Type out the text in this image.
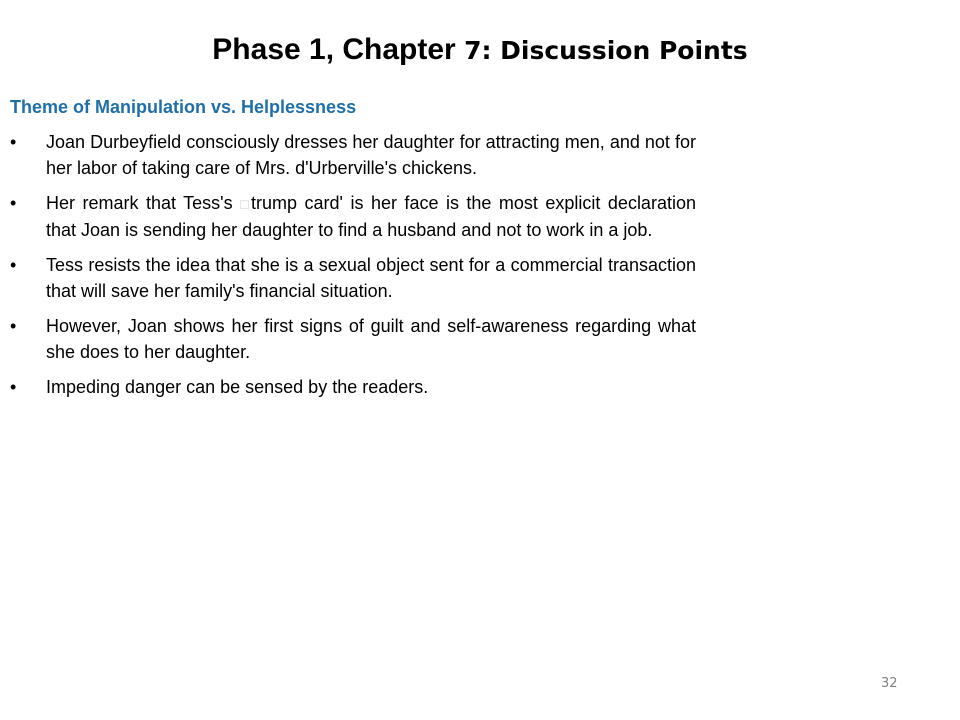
Phase 1, Chapter 7: Discussion Points
Theme of Manipulation vs. Helplessness
• Joan Durbeyfield consciously dresses her daughter for attracting men, and not for her labor of taking care of Mrs. d'Urberville's chickens.
• Her remark that Tess's □trump card' is her face is the most explicit declaration that Joan is sending her daughter to find a husband and not to work in a job.
• Tess resists the idea that she is a sexual object sent for a commercial transaction that will save her family's financial situation.
• However, Joan shows her first signs of guilt and self-awareness regarding what she does to her daughter.
• Impeding danger can be sensed by the readers.
32
